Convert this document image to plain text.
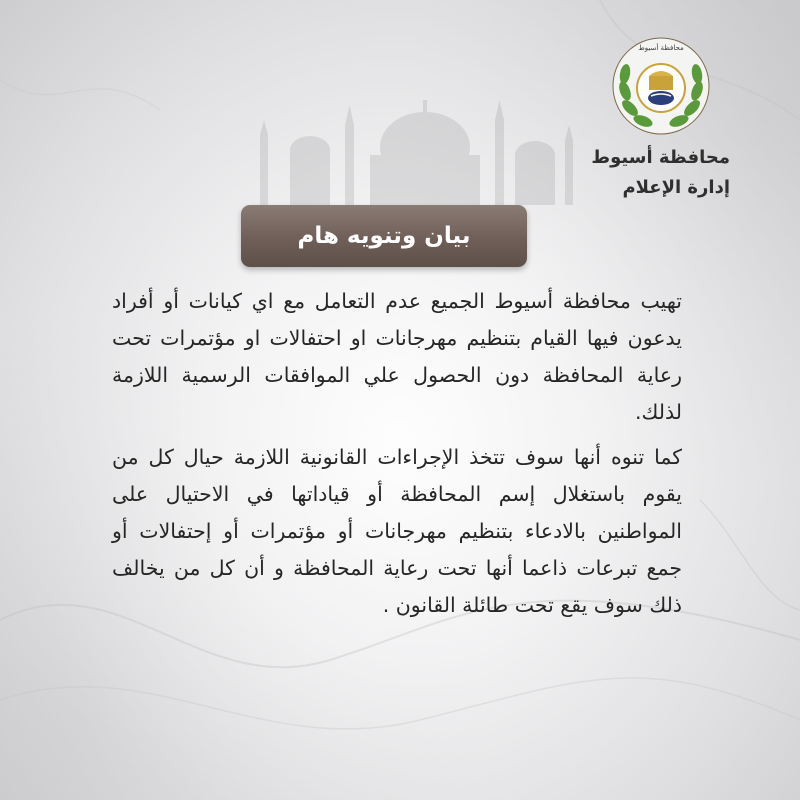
محافظة أسيوط
محافظة أسيوط
إدارة الإعلام
بيان وتنويه هام

تهيب محافظة أسيوط الجميع عدم التعامل مع اي كيانات أو أفراد يدعون فيها القيام بتنظيم مهرجانات او احتفالات او مؤتمرات تحت رعاية المحافظة دون الحصول علي الموافقات الرسمية اللازمة لذلك.

كما تنوه أنها سوف تتخذ الإجراءات القانونية اللازمة حيال كل من يقوم باستغلال إسم المحافظة أو قياداتها في الاحتيال على المواطنين بالادعاء بتنظيم مهرجانات أو مؤتمرات أو إحتفالات أو جمع تبرعات ذاعما أنها تحت رعاية المحافظة و أن كل من يخالف ذلك سوف يقع تحت طائلة القانون .
